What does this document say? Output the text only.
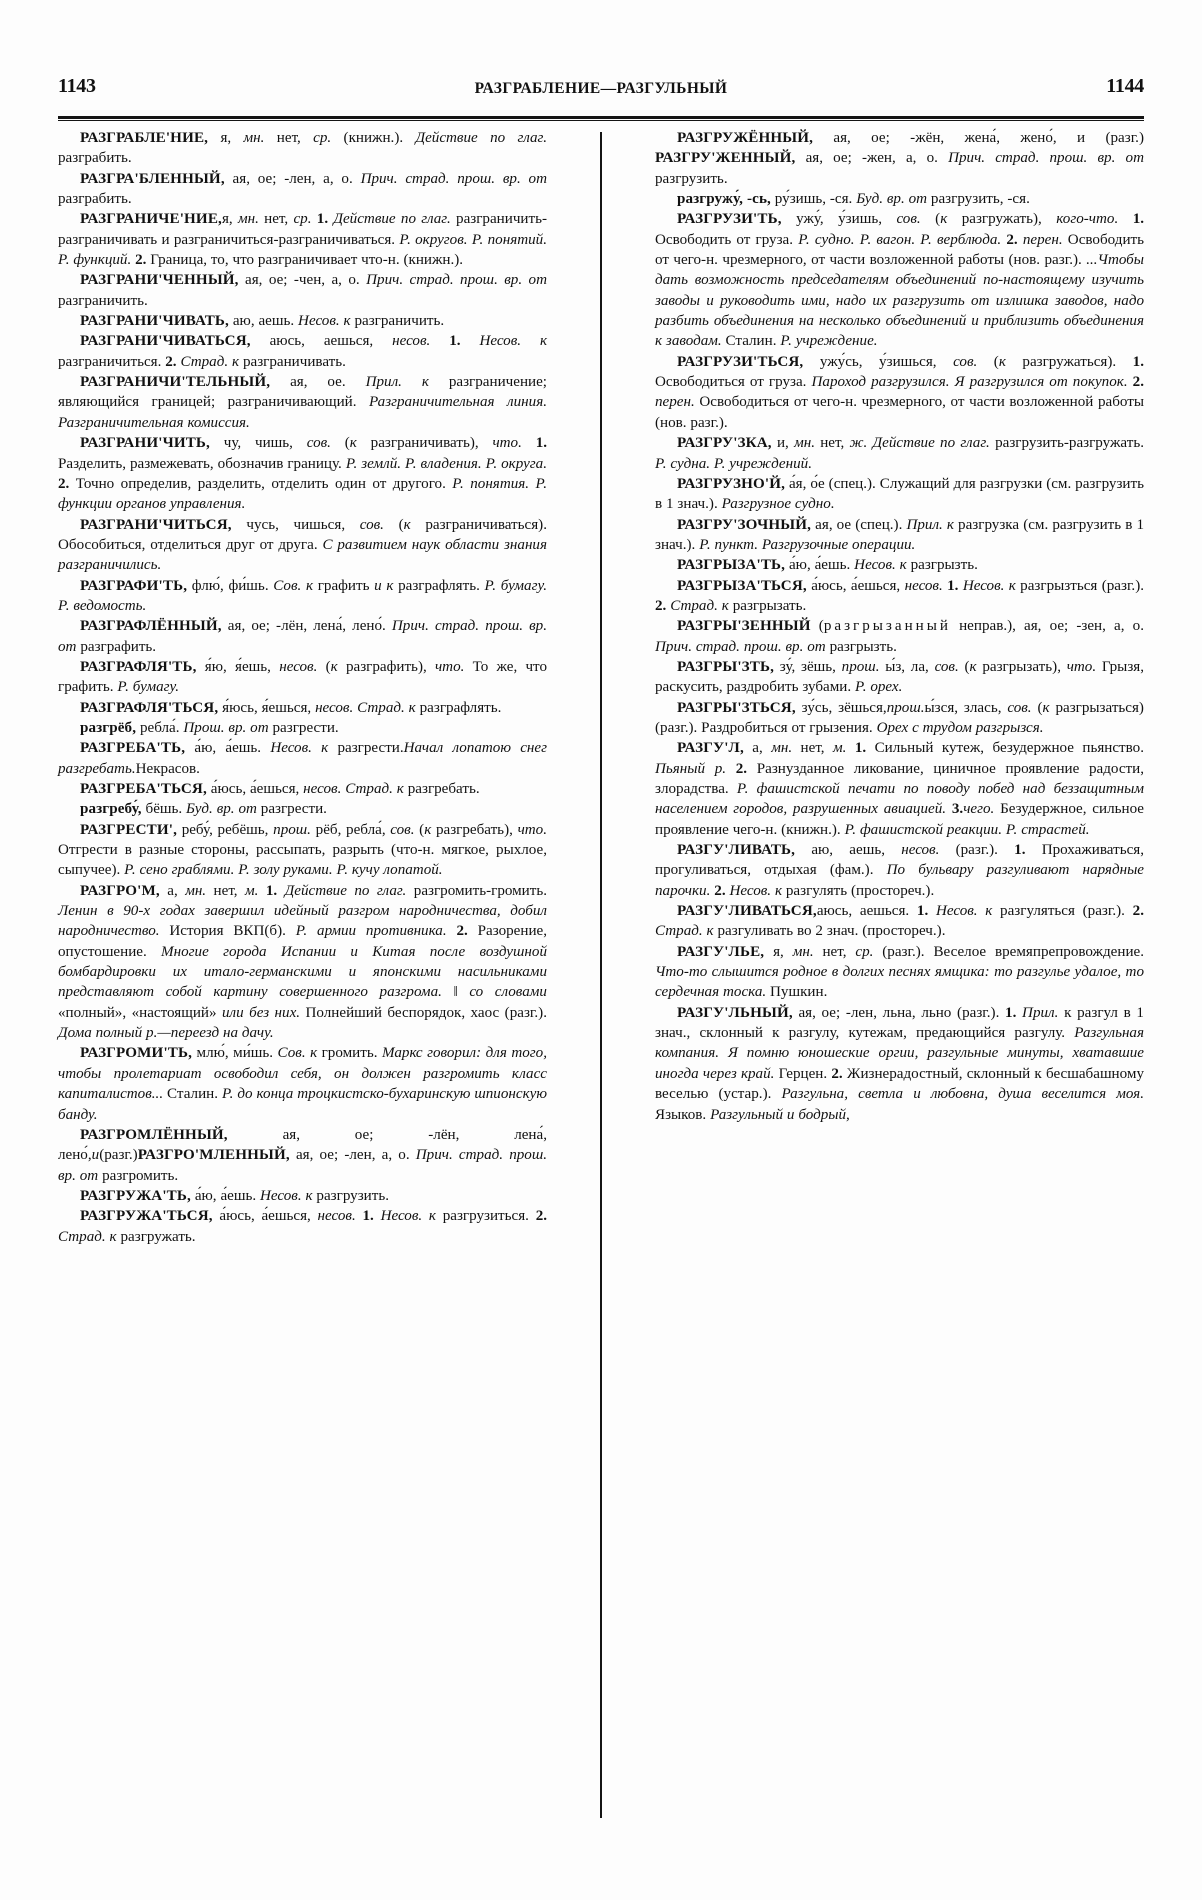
1143	РАЗГРАБЛЕНИЕ—РАЗГУЛЬНЫЙ	1144

РАЗГРАБЛЕ'НИЕ, я, мн. нет, ср. (книжн.). Действие по глаг. разграбить.

РАЗГРА'БЛЕННЫЙ, ая, ое; -лен, а, о. Прич. страд. прош. вр. от разграбить.

РАЗГРАНИЧЕ'НИЕ,я, мн. нет, ср. 1. Действие по глаг. разграничить-разграничивать и разграничиться-разграничиваться. Р. округов. Р. понятий. Р. функций. 2. Граница, то, что разграничивает что-н. (книжн.).

РАЗГРАНИ'ЧЕННЫЙ, ая, ое; -чен, а, о. Прич. страд. прош. вр. от разграничить.

РАЗГРАНИ'ЧИВАТЬ, аю, аешь. Несов. к разграничить.

РАЗГРАНИ'ЧИВАТЬСЯ, аюсь, аешься, несов. 1. Несов. к разграничиться. 2. Страд. к разграничивать.

РАЗГРАНИЧИ'ТЕЛЬНЫЙ, ая, ое. Прил. к разграничение; являющийся границей; разграничивающий. Разграничительная линия. Разграничительная комиссия.

РАЗГРАНИ'ЧИТЬ, чу, чишь, сов. (к разграничивать), что. 1. Разделить, размежевать, обозначив границу. Р. землй. Р. владения. Р. округа. 2. Точно определив, разделить, отделить один от другого. Р. понятия. Р. функции органов управления.

РАЗГРАНИ'ЧИТЬСЯ, чусь, чишься, сов. (к разграничиваться). Обособиться, отделиться друг от друга. С развитием наук области знания разграничились.

РАЗГРАФИ'ТЬ, флю́, фи́шь. Сов. к графить и к разграфлять. Р. бумагу. Р. ведомость.

РАЗГРАФЛЁННЫЙ, ая, ое; -лён, лена́, лено́. Прич. страд. прош. вр. от разграфить.

РАЗГРАФЛЯ'ТЬ, я́ю, я́ешь, несов. (к разграфить), что. То же, что графить. Р. бумагу.

РАЗГРАФЛЯ'ТЬСЯ, я́юсь, я́ешься, несов. Страд. к разграфлять.

разгрёб, ребла́. Прош. вр. от разгрести.

РАЗГРЕБА'ТЬ, а́ю, а́ешь. Несов. к разгрести.Начал лопатою снег разгребать.Некрасов.

РАЗГРЕБА'ТЬСЯ, а́юсь, а́ешься, несов. Страд. к разгребать.

разгребу́, бёшь. Буд. вр. от разгрести.

РАЗГРЕСТИ', ребу́, ребёшь, прош. рёб, ребла́, сов. (к разгребать), что. Отгрести в разные стороны, рассыпать, разрыть (что-н. мягкое, рыхлое, сыпучее). Р. сено граблями. Р. золу руками. Р. кучу лопатой.

РАЗГРО'М, а, мн. нет, м. 1. Действие по глаг. разгромить-громить. Ленин в 90-х годах завершил идейный разгром народничества, добил народничество. История ВКП(б). Р. армии противника. 2. Разорение, опустошение. Многие города Испании и Китая после воздушной бомбардировки их итало-германскими и японскими насильниками представляют собой картину совершенного разгрома. ‖ со словами «полный», «настоящий» или без них. Полнейший беспорядок, хаос (разг.). Дома полный р.—переезд на дачу.

РАЗГРОМИ'ТЬ, млю́, ми́шь. Сов. к громить. Маркс говорил: для того, чтобы пролетариат освободил себя, он должен разгромить класс капиталистов... Сталин. Р. до конца троцкистско-бухаринскую шпионскую банду.

РАЗГРОМЛЁННЫЙ, ая, ое; -лён, лена́, лено́,и(разг.)РАЗГРО'МЛЕННЫЙ, ая, ое; -лен, а, о. Прич. страд. прош. вр. от разгромить.

РАЗГРУЖА'ТЬ, а́ю, а́ешь. Несов. к разгрузить.

РАЗГРУЖА'ТЬСЯ, а́юсь, а́ешься, несов. 1. Несов. к разгрузиться. 2. Страд. к разгружать.

РАЗГРУЖЁННЫЙ, ая, ое; -жён, жена́, жено́, и (разг.) РАЗГРУ'ЖЕННЫЙ, ая, ое; -жен, а, о. Прич. страд. прош. вр. от разгрузить.

разгружу́, -сь, ру́зишь, -ся. Буд. вр. от разгрузить, -ся.

РАЗГРУЗИ'ТЬ, ужу́, у́зишь, сов. (к разгружать), кого-что. 1. Освободить от груза. Р. судно. Р. вагон. Р. верблюда. 2. перен. Освободить от чего-н. чрезмерного, от части возложенной работы (нов. разг.). ...Чтобы дать возможность председателям объединений по-настоящему изучить заводы и руководить ими, надо их разгрузить от излишка заводов, надо разбить объединения на несколько объединений и приблизить объединения к заводам. Сталин. Р. учреждение.

РАЗГРУЗИ'ТЬСЯ, ужу́сь, у́зишься, сов. (к разгружаться). 1. Освободиться от груза. Пароход разгрузился. Я разгрузился от покупок. 2. перен. Освободиться от чего-н. чрезмерного, от части возложенной работы (нов. разг.).

РАЗГРУ'ЗКА, и, мн. нет, ж. Действие по глаг. разгрузить-разгружать. Р. судна. Р. учреждений.

РАЗГРУЗНО'Й, а́я, о́е (спец.). Служащий для разгрузки (см. разгрузить в 1 знач.). Разгрузное судно.

РАЗГРУ'ЗОЧНЫЙ, ая, ое (спец.). Прил. к разгрузка (см. разгрузить в 1 знач.). Р. пункт. Разгрузочные операции.

РАЗГРЫЗА'ТЬ, а́ю, а́ешь. Несов. к разгрызть.

РАЗГРЫЗА'ТЬСЯ, а́юсь, а́ешься, несов. 1. Несов. к разгрызться (разг.). 2. Страд. к разгрызать.

РАЗГРЫ'ЗЕННЫЙ (разгрызанный неправ.), ая, ое; -зен, а, о. Прич. страд. прош. вр. от разгрызть.

РАЗГРЫ'ЗТЬ, зу́, зёшь, прош. ы́з, ла, сов. (к разгрызать), что. Грызя, раскусить, раздробить зубами. Р. орех.

РАЗГРЫ'ЗТЬСЯ, зу́сь, зёшься,прош.ы́зся, злась, сов. (к разгрызаться) (разг.). Раздробиться от грызения. Орех с трудом разгрызся.

РАЗГУ'Л, а, мн. нет, м. 1. Сильный кутеж, безудержное пьянство. Пьяный р. 2. Разнузданное ликование, циничное проявление радости, злорадства. Р. фашистской печати по поводу побед над беззащитным населением городов, разрушенных авиацией. 3.чего. Безудержное, сильное проявление чего-н. (книжн.). Р. фашистской реакции. Р. страстей.

РАЗГУ'ЛИВАТЬ, аю, аешь, несов. (разг.). 1. Прохаживаться, прогуливаться, отдыхая (фам.). По бульвару разгуливают нарядные парочки. 2. Несов. к разгулять (простореч.).

РАЗГУ'ЛИВАТЬСЯ,аюсь, аешься. 1. Несов. к разгуляться (разг.). 2. Страд. к разгуливать во 2 знач. (простореч.).

РАЗГУ'ЛЬЕ, я, мн. нет, ср. (разг.). Веселое времяпрепровождение. Что-то слышится родное в долгих песнях ямщика: то разгулье удалое, то сердечная тоска. Пушкин.

РАЗГУ'ЛЬНЫЙ, ая, ое; -лен, льна, льно (разг.). 1. Прил. к разгул в 1 знач., склонный к разгулу, кутежам, предающийся разгулу. Разгульная компания. Я помню юношеские оргии, разгульные минуты, хватавшие иногда через край. Герцен. 2. Жизнерадостный, склонный к бесшабашному веселью (устар.). Разгульна, светла и любовна, душа веселится моя. Языков. Разгульный и бодрый,
